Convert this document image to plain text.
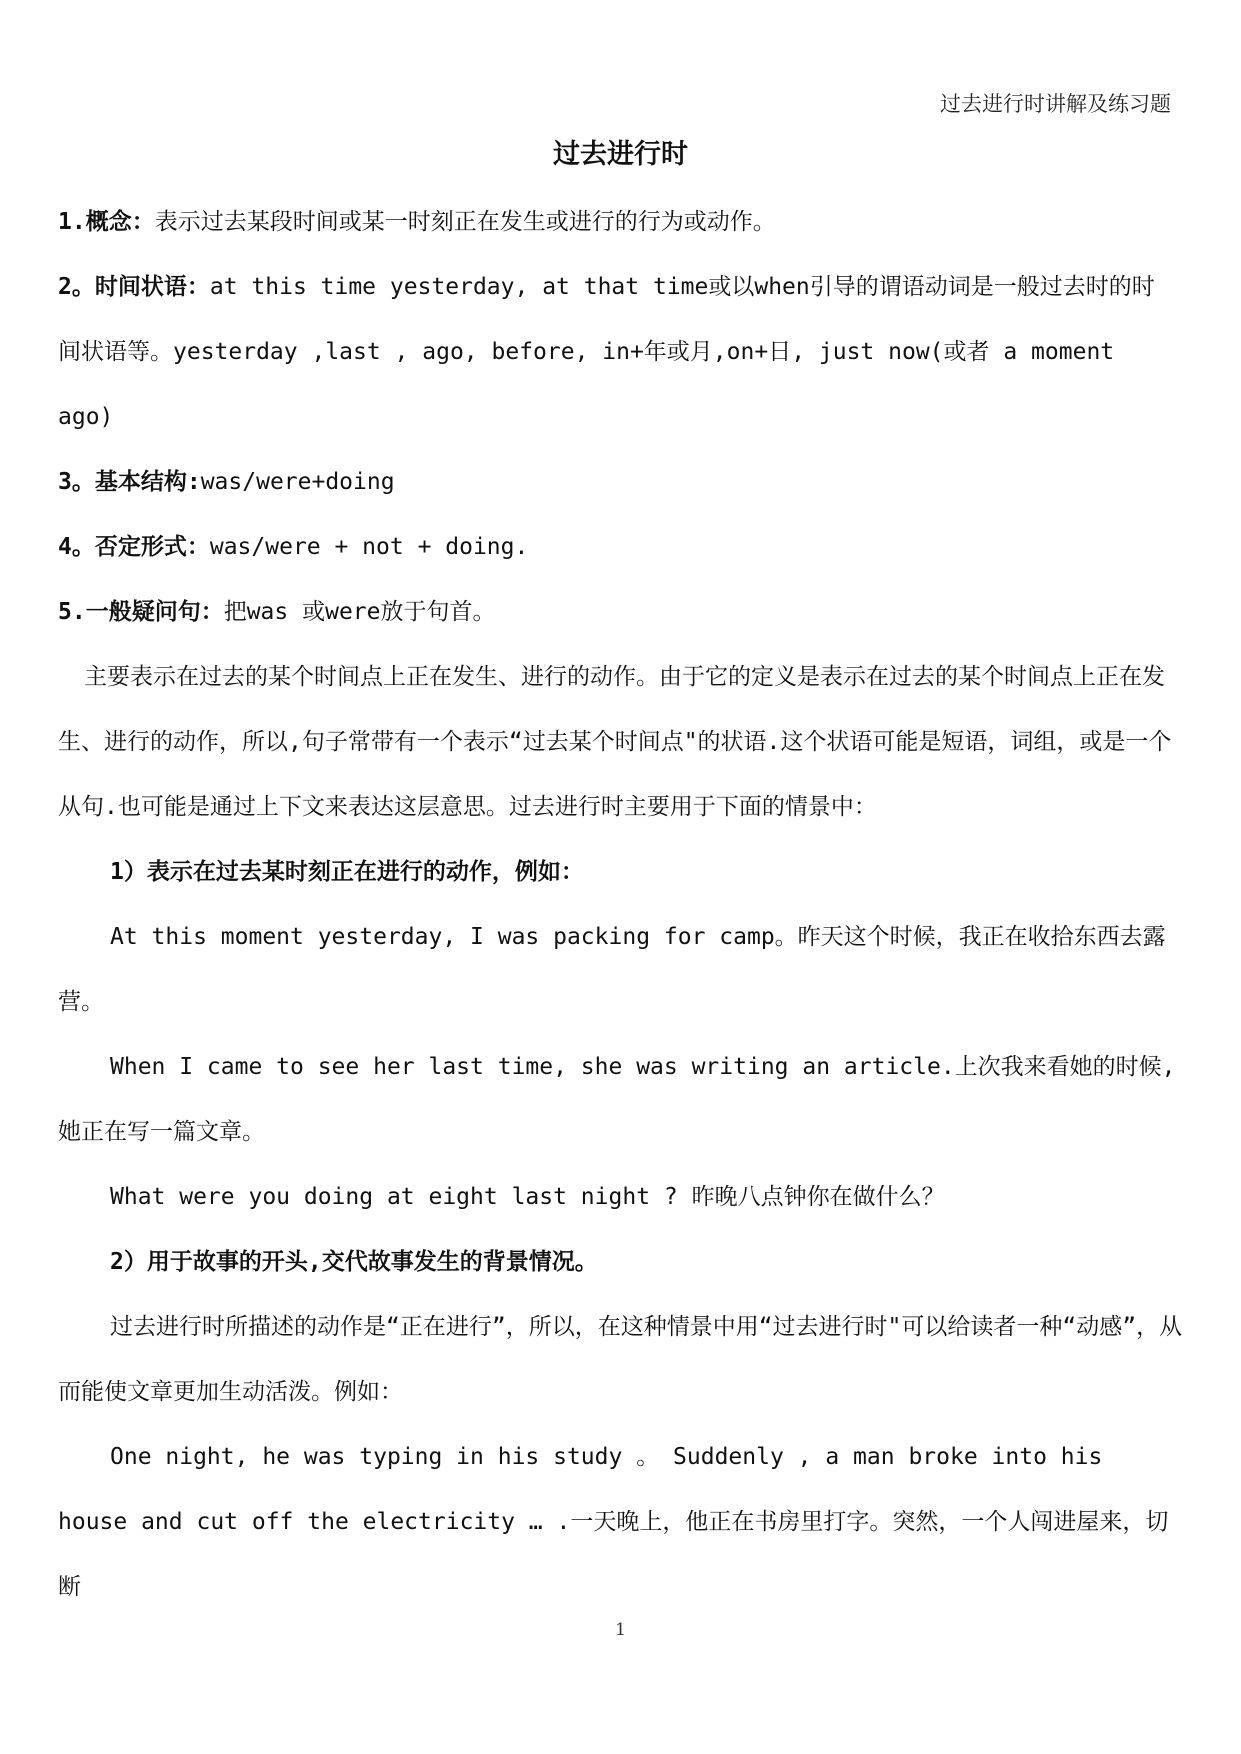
过去进行时讲解及练习题
过去进行时

1.概念：表示过去某段时间或某一时刻正在发生或进行的行为或动作。

2。时间状语：at this time yesterday, at that time或以when引导的谓语动词是一般过去时的时 间状语等。yesterday ,last , ago, before, in+年或月,on+日, just now(或者 a moment ago)

3。基本结构:was/were+doing

4。否定形式：was/were + not + doing.

5.一般疑问句：把was 或were放于句首。

主要表示在过去的某个时间点上正在发生、进行的动作。由于它的定义是表示在过去的某个时间点上正在发生、进行的动作，所以,句子常带有一个表示“过去某个时间点"的状语.这个状语可能是短语，词组，或是一个从句.也可能是通过上下文来表达这层意思。过去进行时主要用于下面的情景中：

1）表示在过去某时刻正在进行的动作，例如：

At this moment yesterday, I was packing for camp。昨天这个时候，我正在收拾东西去露营。

When I came to see her last time, she was writing an article.上次我来看她的时候,她正在写一篇文章。

What were you doing at eight last night ? 昨晚八点钟你在做什么？

2）用于故事的开头,交代故事发生的背景情况。

过去进行时所描述的动作是“正在进行”，所以，在这种情景中用“过去进行时"可以给读者一种“动感”，从而能使文章更加生动活泼。例如：

One night, he was typing in his study 。 Suddenly , a man broke into his house and cut off the electricity … .一天晚上，他正在书房里打字。突然，一个人闯进屋来，切断

1
